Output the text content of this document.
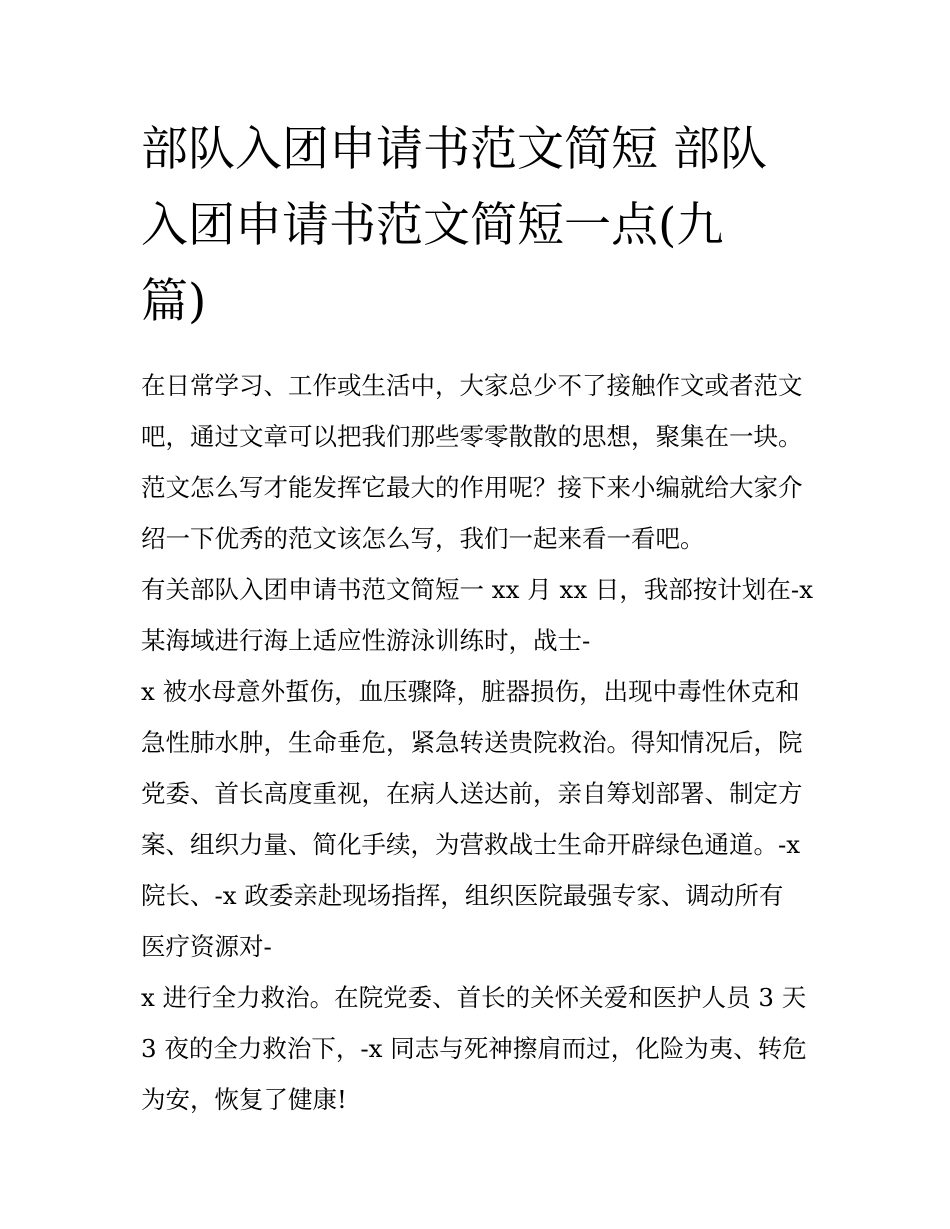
部队入团申请书范文简短 部队
入团申请书范文简短一点(九
篇)
在日常学习、工作或生活中，大家总少不了接触作文或者范文
吧，通过文章可以把我们那些零零散散的思想，聚集在一块。
范文怎么写才能发挥它最大的作用呢？接下来小编就给大家介
绍一下优秀的范文该怎么写，我们一起来看一看吧。
有关部队入团申请书范文简短一 xx 月 xx 日，我部按计划在-x
某海域进行海上适应性游泳训练时，战士-
x 被水母意外蜇伤，血压骤降，脏器损伤，出现中毒性休克和
急性肺水肿，生命垂危，紧急转送贵院救治。得知情况后，院
党委、首长高度重视，在病人送达前，亲自筹划部署、制定方
案、组织力量、简化手续，为营救战士生命开辟绿色通道。-x
院长、-x 政委亲赴现场指挥，组织医院最强专家、调动所有
医疗资源对-
x 进行全力救治。在院党委、首长的关怀关爱和医护人员 3 天
3 夜的全力救治下，-x 同志与死神擦肩而过，化险为夷、转危
为安，恢复了健康!
